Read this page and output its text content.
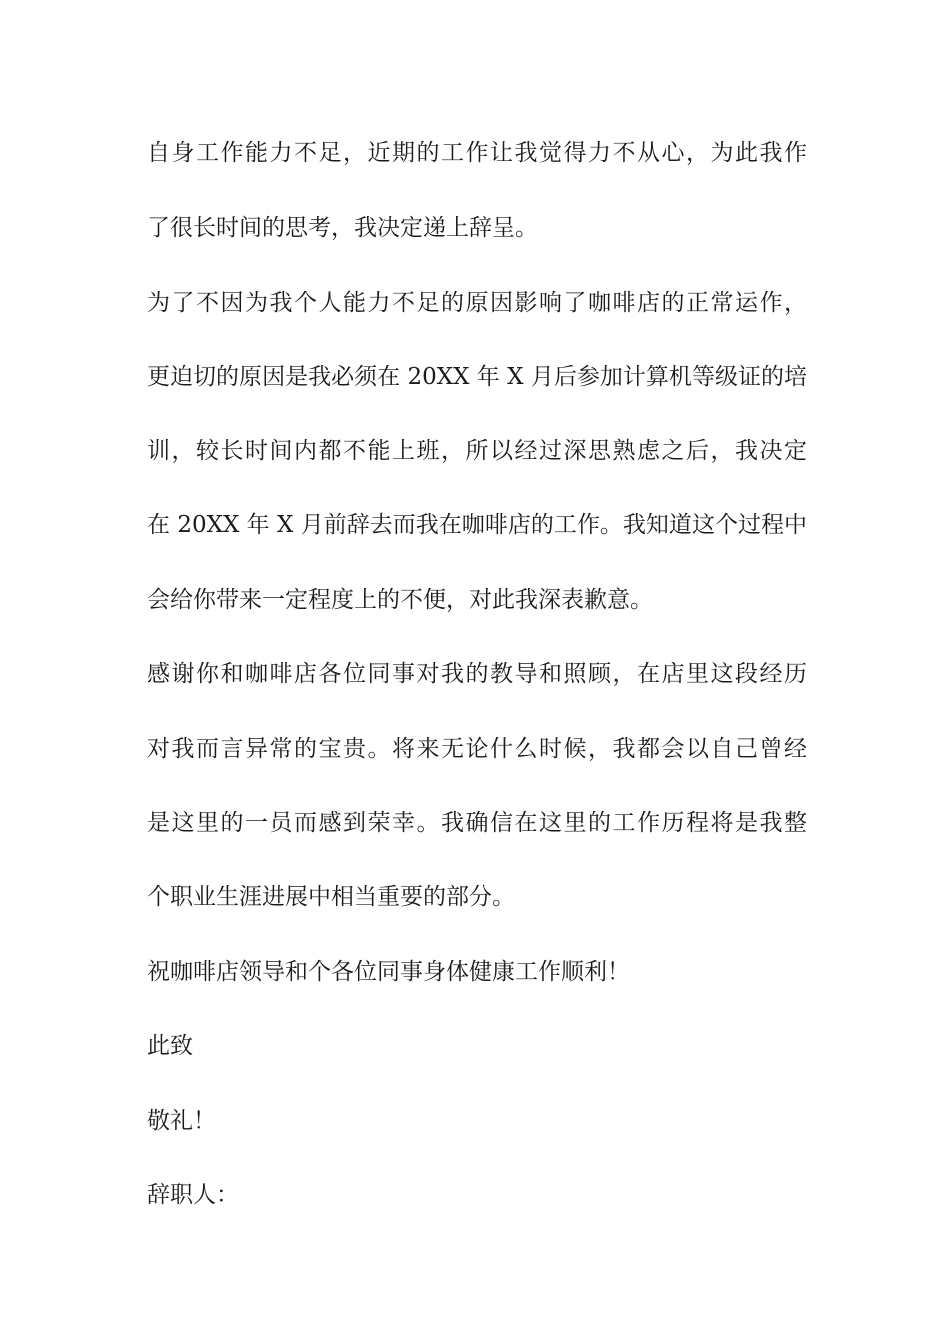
自身工作能力不足，近期的工作让我觉得力不从心，为此我作

了很长时间的思考，我决定递上辞呈。

为了不因为我个人能力不足的原因影响了咖啡店的正常运作，

更迫切的原因是我必须在 20XX 年 X 月后参加计算机等级证的培

训，较长时间内都不能上班，所以经过深思熟虑之后，我决定

在 20XX 年 X 月前辞去而我在咖啡店的工作。我知道这个过程中

会给你带来一定程度上的不便，对此我深表歉意。

感谢你和咖啡店各位同事对我的教导和照顾，在店里这段经历

对我而言异常的宝贵。将来无论什么时候，我都会以自己曾经

是这里的一员而感到荣幸。我确信在这里的工作历程将是我整

个职业生涯进展中相当重要的部分。

祝咖啡店领导和个各位同事身体健康工作顺利！

此致

敬礼！

辞职人：
